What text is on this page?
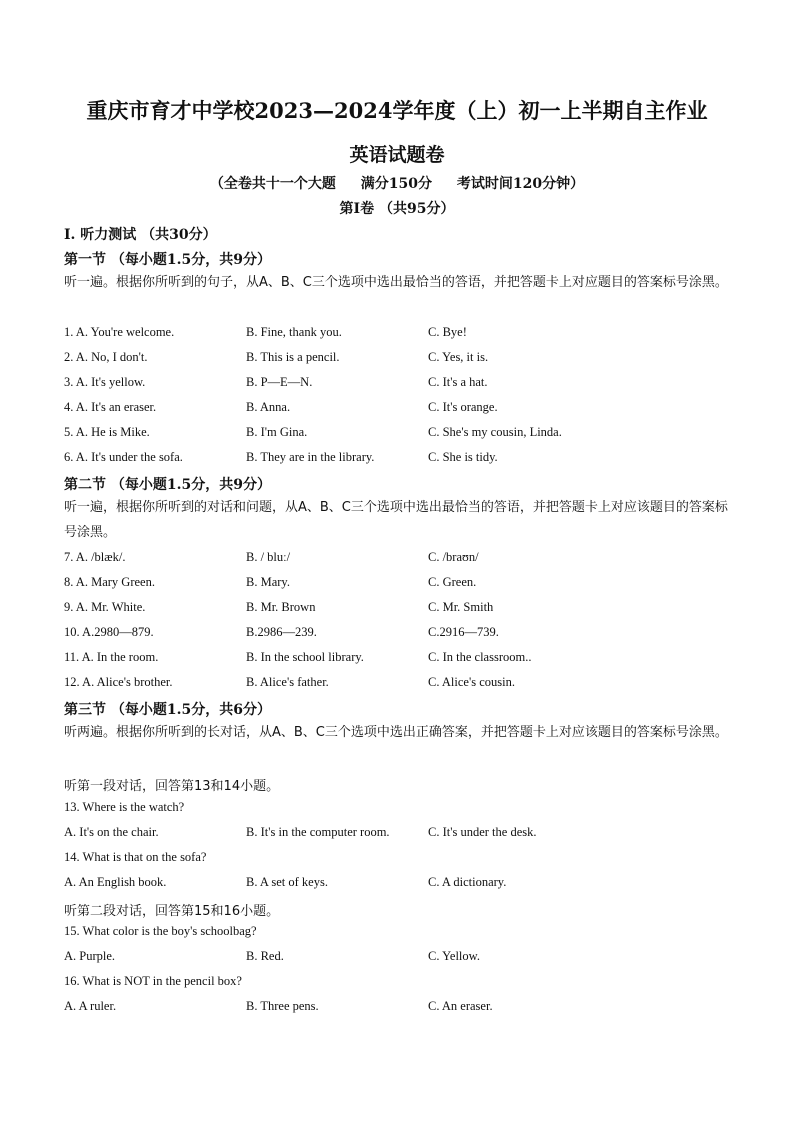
重庆市育才中学校2023—2024学年度（上）初一上半期自主作业
英语试题卷
（全卷共十一个大题 满分150分 考试时间120分钟）
第Ⅰ卷 （共95分）
I. 听力测试 （共30分）
第一节 （每小题1.5分，共9分）
听一遍。根据你所听到的句子，从A、B、C三个选项中选出最恰当的答语，并把答题卡上对应题目的答案标号涂黑。
1. A. You're welcome.	B. Fine, thank you.	C. Bye!
2. A. No, I don't.	B. This is a pencil.	C. Yes, it is.
3. A. It's yellow.	B. P—E—N.	C. It's a hat.
4. A. It's an eraser.	B. Anna.	C. It's orange.
5. A. He is Mike.	B. I'm Gina.	C. She's my cousin, Linda.
6. A. It's under the sofa.	B. They are in the library.	C. She is tidy.
第二节 （每小题1.5分，共9分）
听一遍，根据你所听到的对话和问题，从A、B、C三个选项中选出最恰当的答语，并把答题卡上对应该题目的答案标号涂黑。
7. A. /blæk/.	B. / bluː/	C. /braʊn/
8. A. Mary Green.	B. Mary.	C. Green.
9. A. Mr. White.	B. Mr. Brown	C. Mr. Smith
10. A.2980—879.	B.2986—239.	C.2916—739.
11. A. In the room.	B. In the school library.	C. In the classroom..
12. A. Alice's brother.	B. Alice's father.	C. Alice's cousin.
第三节 （每小题1.5分，共6分）
听两遍。根据你所听到的长对话，从A、B、C三个选项中选出正确答案，并把答题卡上对应该题目的答案标号涂黑。
听第一段对话，回答第13和14小题。
13. Where is the watch?
A. It's on the chair.	B. It's in the computer room.	C. It's under the desk.
14. What is that on the sofa?
A. An English book.	B. A set of keys.	C. A dictionary.
听第二段对话，回答第15和16小题。
15. What color is the boy's schoolbag?
A. Purple.	B. Red.	C. Yellow.
16. What is NOT in the pencil box?
A. A ruler.	B. Three pens.	C. An eraser.
